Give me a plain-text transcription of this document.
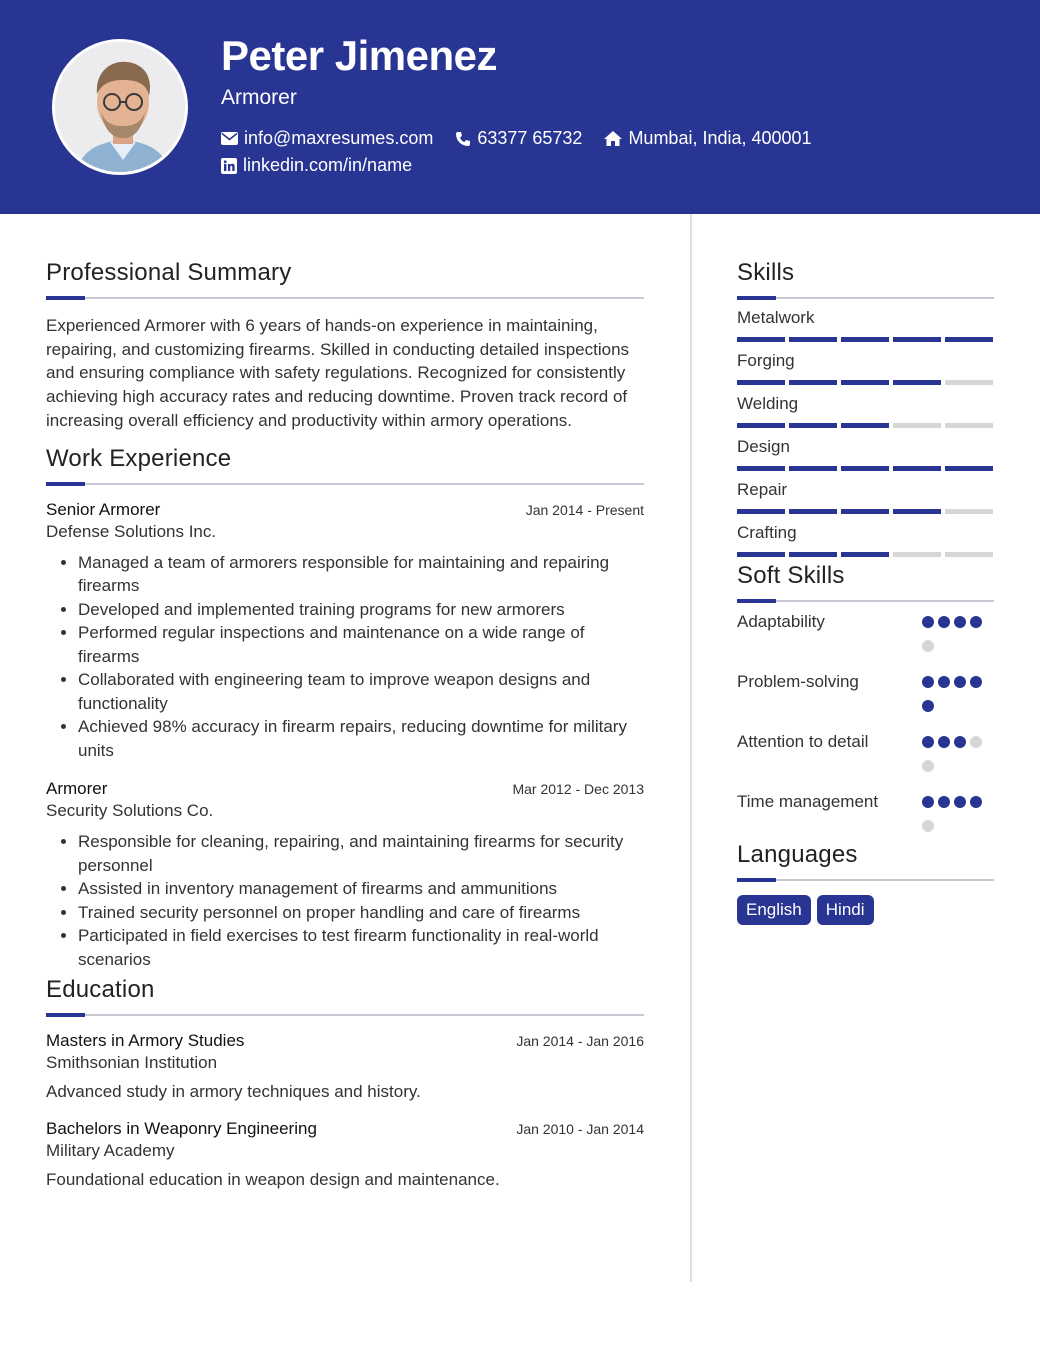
Peter Jimenez
Armorer
info@maxresumes.com 63377 65732	Mumbai, India, 400001
linkedin.com/in/name
Professional Summary

Experienced Armorer with 6 years of hands-on experience in maintaining, repairing, and customizing firearms. Skilled in conducting detailed inspections and ensuring compliance with safety regulations. Recognized for consistently achieving high accuracy rates and reducing downtime. Proven track record of increasing overall efficiency and productivity within armory operations.

Work Experience
Senior Armorer	Jan 2014 - Present
Defense Solutions Inc.
• Managed a team of armorers responsible for maintaining and repairing firearms
• Developed and implemented training programs for new armorers
• Performed regular inspections and maintenance on a wide range of firearms
• Collaborated with engineering team to improve weapon designs and functionality
• Achieved 98% accuracy in firearm repairs, reducing downtime for military units
Armorer	Mar 2012 - Dec 2013
Security Solutions Co.
• Responsible for cleaning, repairing, and maintaining firearms for security personnel
• Assisted in inventory management of firearms and ammunitions
• Trained security personnel on proper handling and care of firearms
• Participated in field exercises to test firearm functionality in real-world scenarios
Education
Masters in Armory Studies	Jan 2014 - Jan 2016
Smithsonian Institution
Advanced study in armory techniques and history.
Bachelors in Weaponry Engineering	Jan 2010 - Jan 2014
Military Academy
Foundational education in weapon design and maintenance.
Skills
Metalwork
Forging
Welding
Design
Repair
Crafting
Soft Skills
Adaptability
Problem-solving
Attention to detail
Time management
Languages
English	Hindi
